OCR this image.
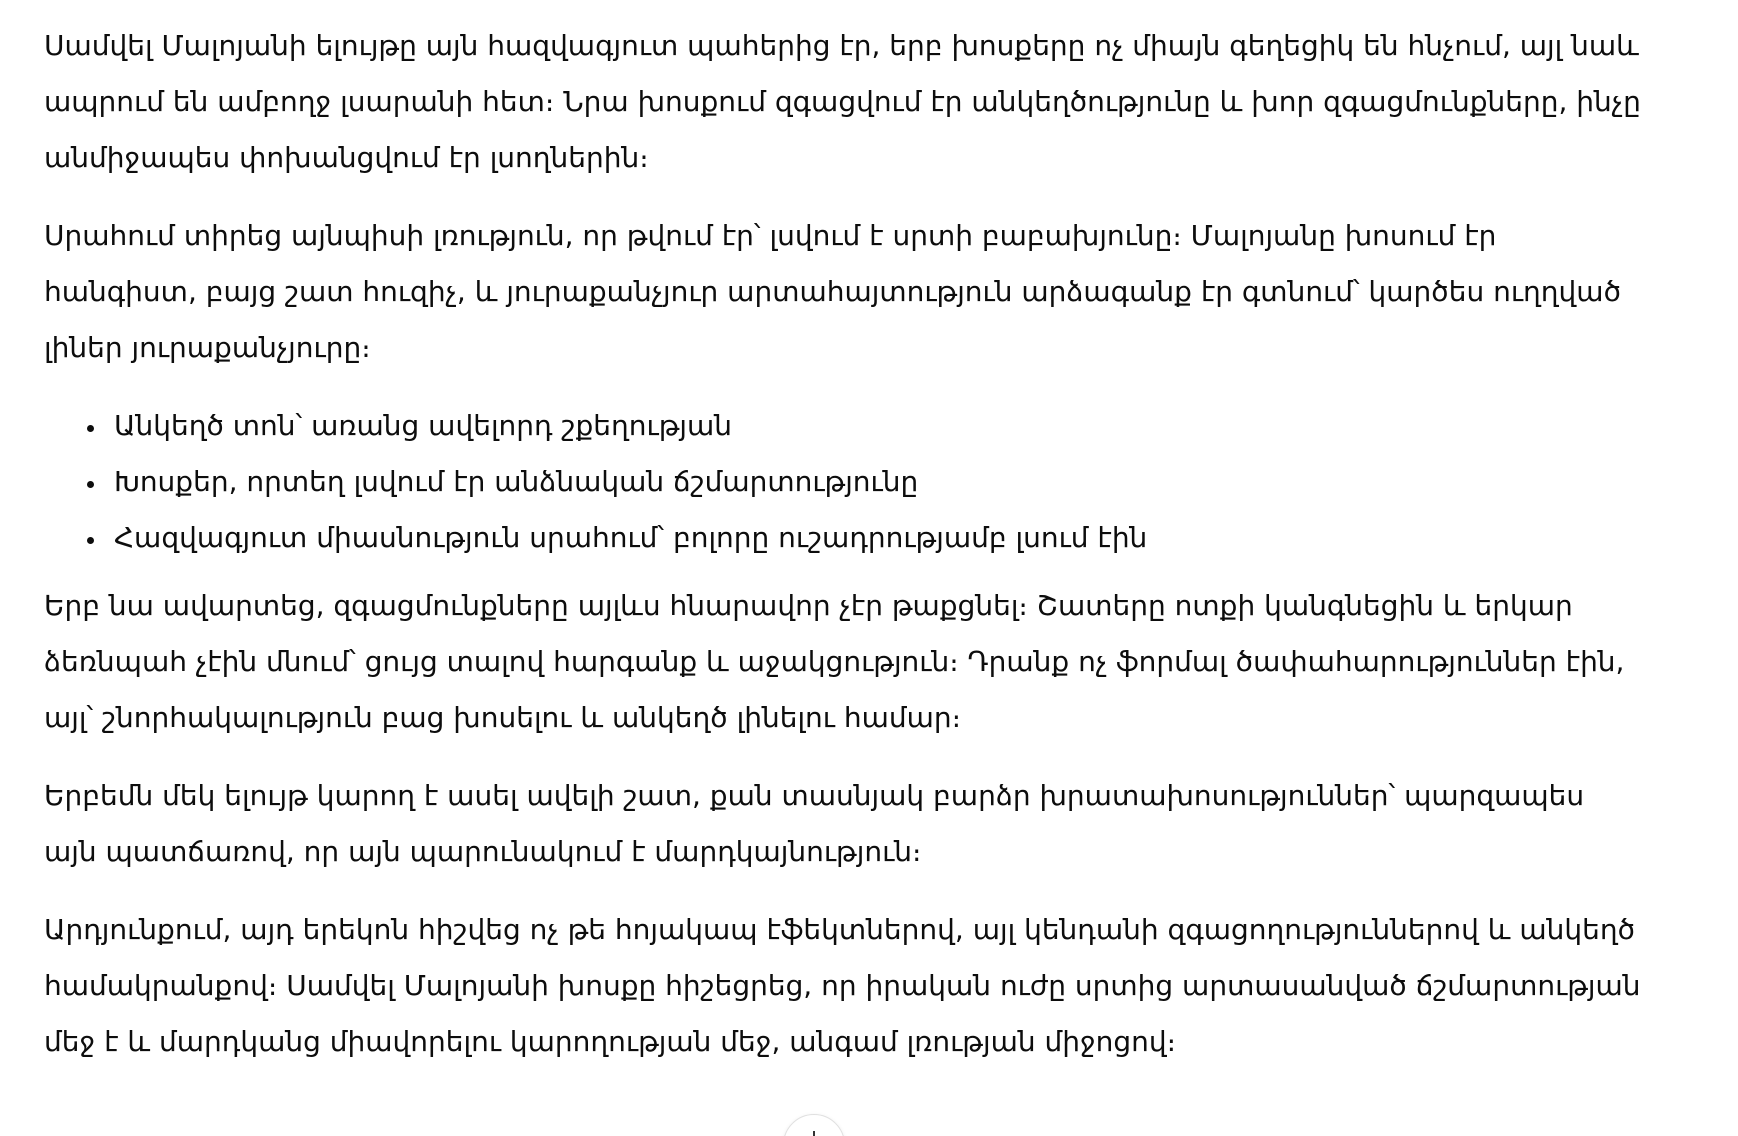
Սամվել Մալոյանի ելույթը այն հազվագյուտ պահերից էր, երբ խոսքերը ոչ միայն գեղեցիկ են հնչում, այլ նաև ապրում են ամբողջ լսարանի հետ։ Նրա խոսքում զգացվում էր անկեղծությունը և խոր զգացմունքները, ինչը անմիջապես փոխանցվում էր լսողներին։

Սրահում տիրեց այնպիսի լռություն, որ թվում էր՝ լսվում է սրտի բաբախյունը։ Մալոյանը խոսում էր հանգիստ, բայց շատ հուզիչ, և յուրաքանչյուր արտահայտություն արձագանք էր գտնում՝ կարծես ուղղված լիներ յուրաքանչյուրը։

• Անկեղծ տոն՝ առանց ավելորդ շքեղության
• Խոսքեր, որտեղ լսվում էր անձնական ճշմարտությունը
• Հազվագյուտ միասնություն սրահում՝ բոլորը ուշադրությամբ լսում էին

Երբ նա ավարտեց, զգացմունքները այլևս հնարավոր չէր թաքցնել։ Շատերը ոտքի կանգնեցին և երկար ձեռնպահ չէին մնում՝ ցույց տալով հարգանք և աջակցություն։ Դրանք ոչ ֆորմալ ծափահարություններ էին, այլ՝ շնորհակալություն բաց խոսելու և անկեղծ լինելու համար։

Երբեմն մեկ ելույթ կարող է ասել ավելի շատ, քան տասնյակ բարձր խրատախոսություններ՝ պարզապես այն պատճառով, որ այն պարունակում է մարդկայնություն։

Արդյունքում, այդ երեկոն հիշվեց ոչ թե հոյակապ էֆեկտներով, այլ կենդանի զգացողություններով և անկեղծ համակրանքով։ Սամվել Մալոյանի խոսքը հիշեցրեց, որ իրական ուժը սրտից արտասանված ճշմարտության մեջ է և մարդկանց միավորելու կարողության մեջ, անգամ լռության միջոցով։
